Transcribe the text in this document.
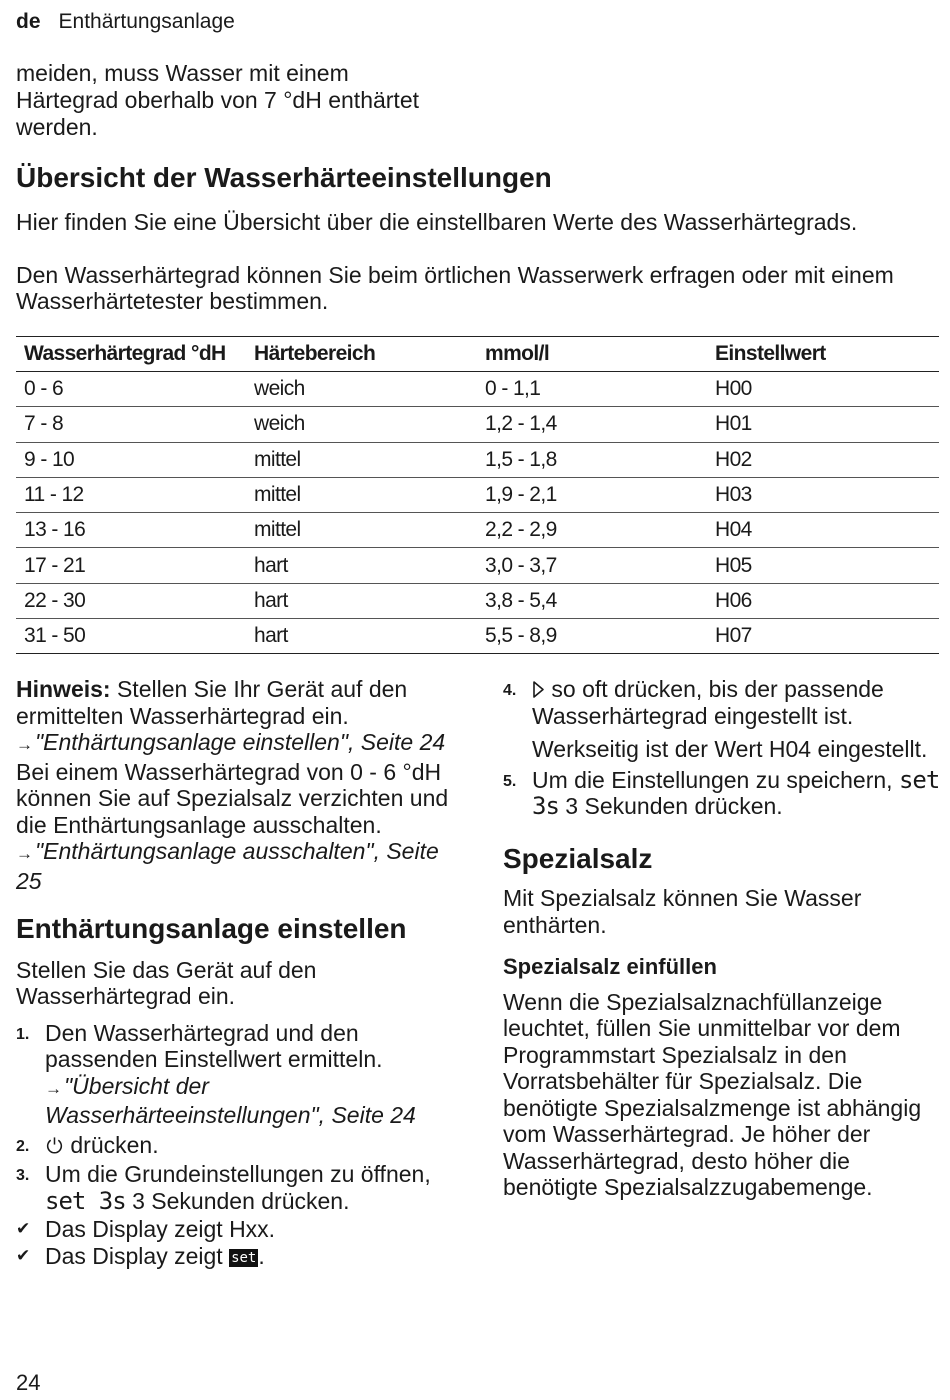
de Enthärtungsanlage

meiden, muss Wasser mit einem Härtegrad oberhalb von 7 °dH enthärtet werden.

Übersicht der Wasserhärteeinstellungen

Hier finden Sie eine Übersicht über die einstellbaren Werte des Wasserhärtegrads.

Den Wasserhärtegrad können Sie beim örtlichen Wasserwerk erfragen oder mit einem Wasserhärtetester bestimmen.

Wasserhärtegrad °dH	Härtebereich	mmol/l	Einstellwert
0 - 6	weich	0 - 1,1	H00
7 - 8	weich	1,2 - 1,4	H01
9 - 10	mittel	1,5 - 1,8	H02
11 - 12	mittel	1,9 - 2,1	H03
13 - 16	mittel	2,2 - 2,9	H04
17 - 21	hart	3,0 - 3,7	H05
22 - 30	hart	3,8 - 5,4	H06
31 - 50	hart	5,5 - 8,9	H07

Hinweis: Stellen Sie Ihr Gerät auf den ermittelten Wasserhärtegrad ein.
→"Enthärtungsanlage einstellen", Seite 24

Bei einem Wasserhärtegrad von 0 - 6 °dH können Sie auf Spezialsalz verzichten und die Enthärtungsanlage ausschalten.

→"Enthärtungsanlage ausschalten", Seite 25

Enthärtungsanlage einstellen

Stellen Sie das Gerät auf den Wasserhärtegrad ein.

1. Den Wasserhärtegrad und den passenden Einstellwert ermitteln.
→"Übersicht der Wasserhärteeinstellungen", Seite 24
2. drücken.
3. Um die Grundeinstellungen zu öffnen, set 3s 3 Sekunden drücken.
✔ Das Display zeigt Hxx.
✔ Das Display zeigt set.
4. so oft drücken, bis der passende Wasserhärtegrad eingestellt ist.

Werkseitig ist der Wert H04 eingestellt.

5. Um die Einstellungen zu speichern, set 3s 3 Sekunden drücken.
Spezialsalz

Mit Spezialsalz können Sie Wasser enthärten.

Spezialsalz einfüllen

Wenn die Spezialsalznachfüllanzeige leuchtet, füllen Sie unmittelbar vor dem Programmstart Spezialsalz in den Vorratsbehälter für Spezialsalz. Die benötigte Spezialsalzmenge ist abhängig vom Wasserhärtegrad. Je höher der Wasserhärtegrad, desto höher die benötigte Spezialsalzzugabemenge.

24
